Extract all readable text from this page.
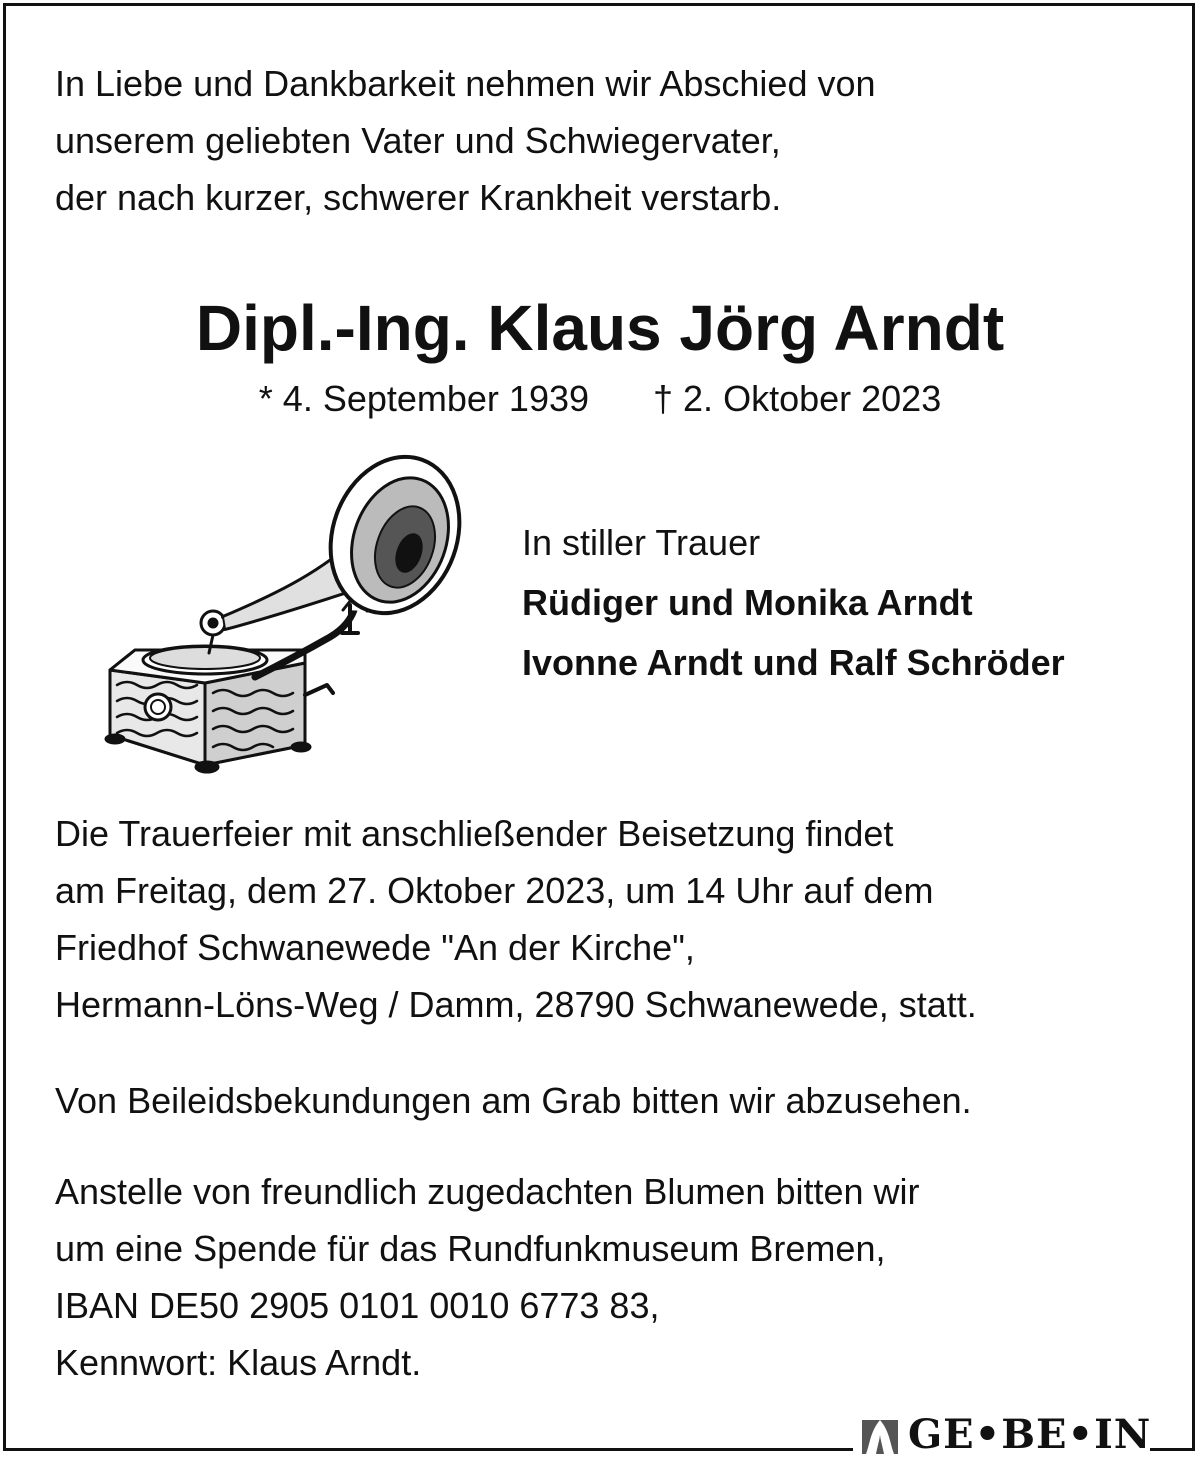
In Liebe und Dankbarkeit nehmen wir Abschied von
unserem geliebten Vater und Schwiegervater,
der nach kurzer, schwerer Krankheit verstarb.
Dipl.-Ing. Klaus Jörg Arndt
* 4. September 1939 † 2. Oktober 2023

In stiller Trauer

Rüdiger und Monika Arndt

Ivonne Arndt und Ralf Schröder

Die Trauerfeier mit anschließender Beisetzung findet
am Freitag, dem 27. Oktober 2023, um 14 Uhr auf dem
Friedhof Schwanewede "An der Kirche",
Hermann-Löns-Weg / Damm, 28790 Schwanewede, statt.
Von Beileidsbekundungen am Grab bitten wir abzusehen.
Anstelle von freundlich zugedachten Blumen bitten wir
um eine Spende für das Rundfunkmuseum Bremen,
IBAN DE50 2905 0101 0010 6773 83,
Kennwort: Klaus Arndt.
GE•BE•IN
